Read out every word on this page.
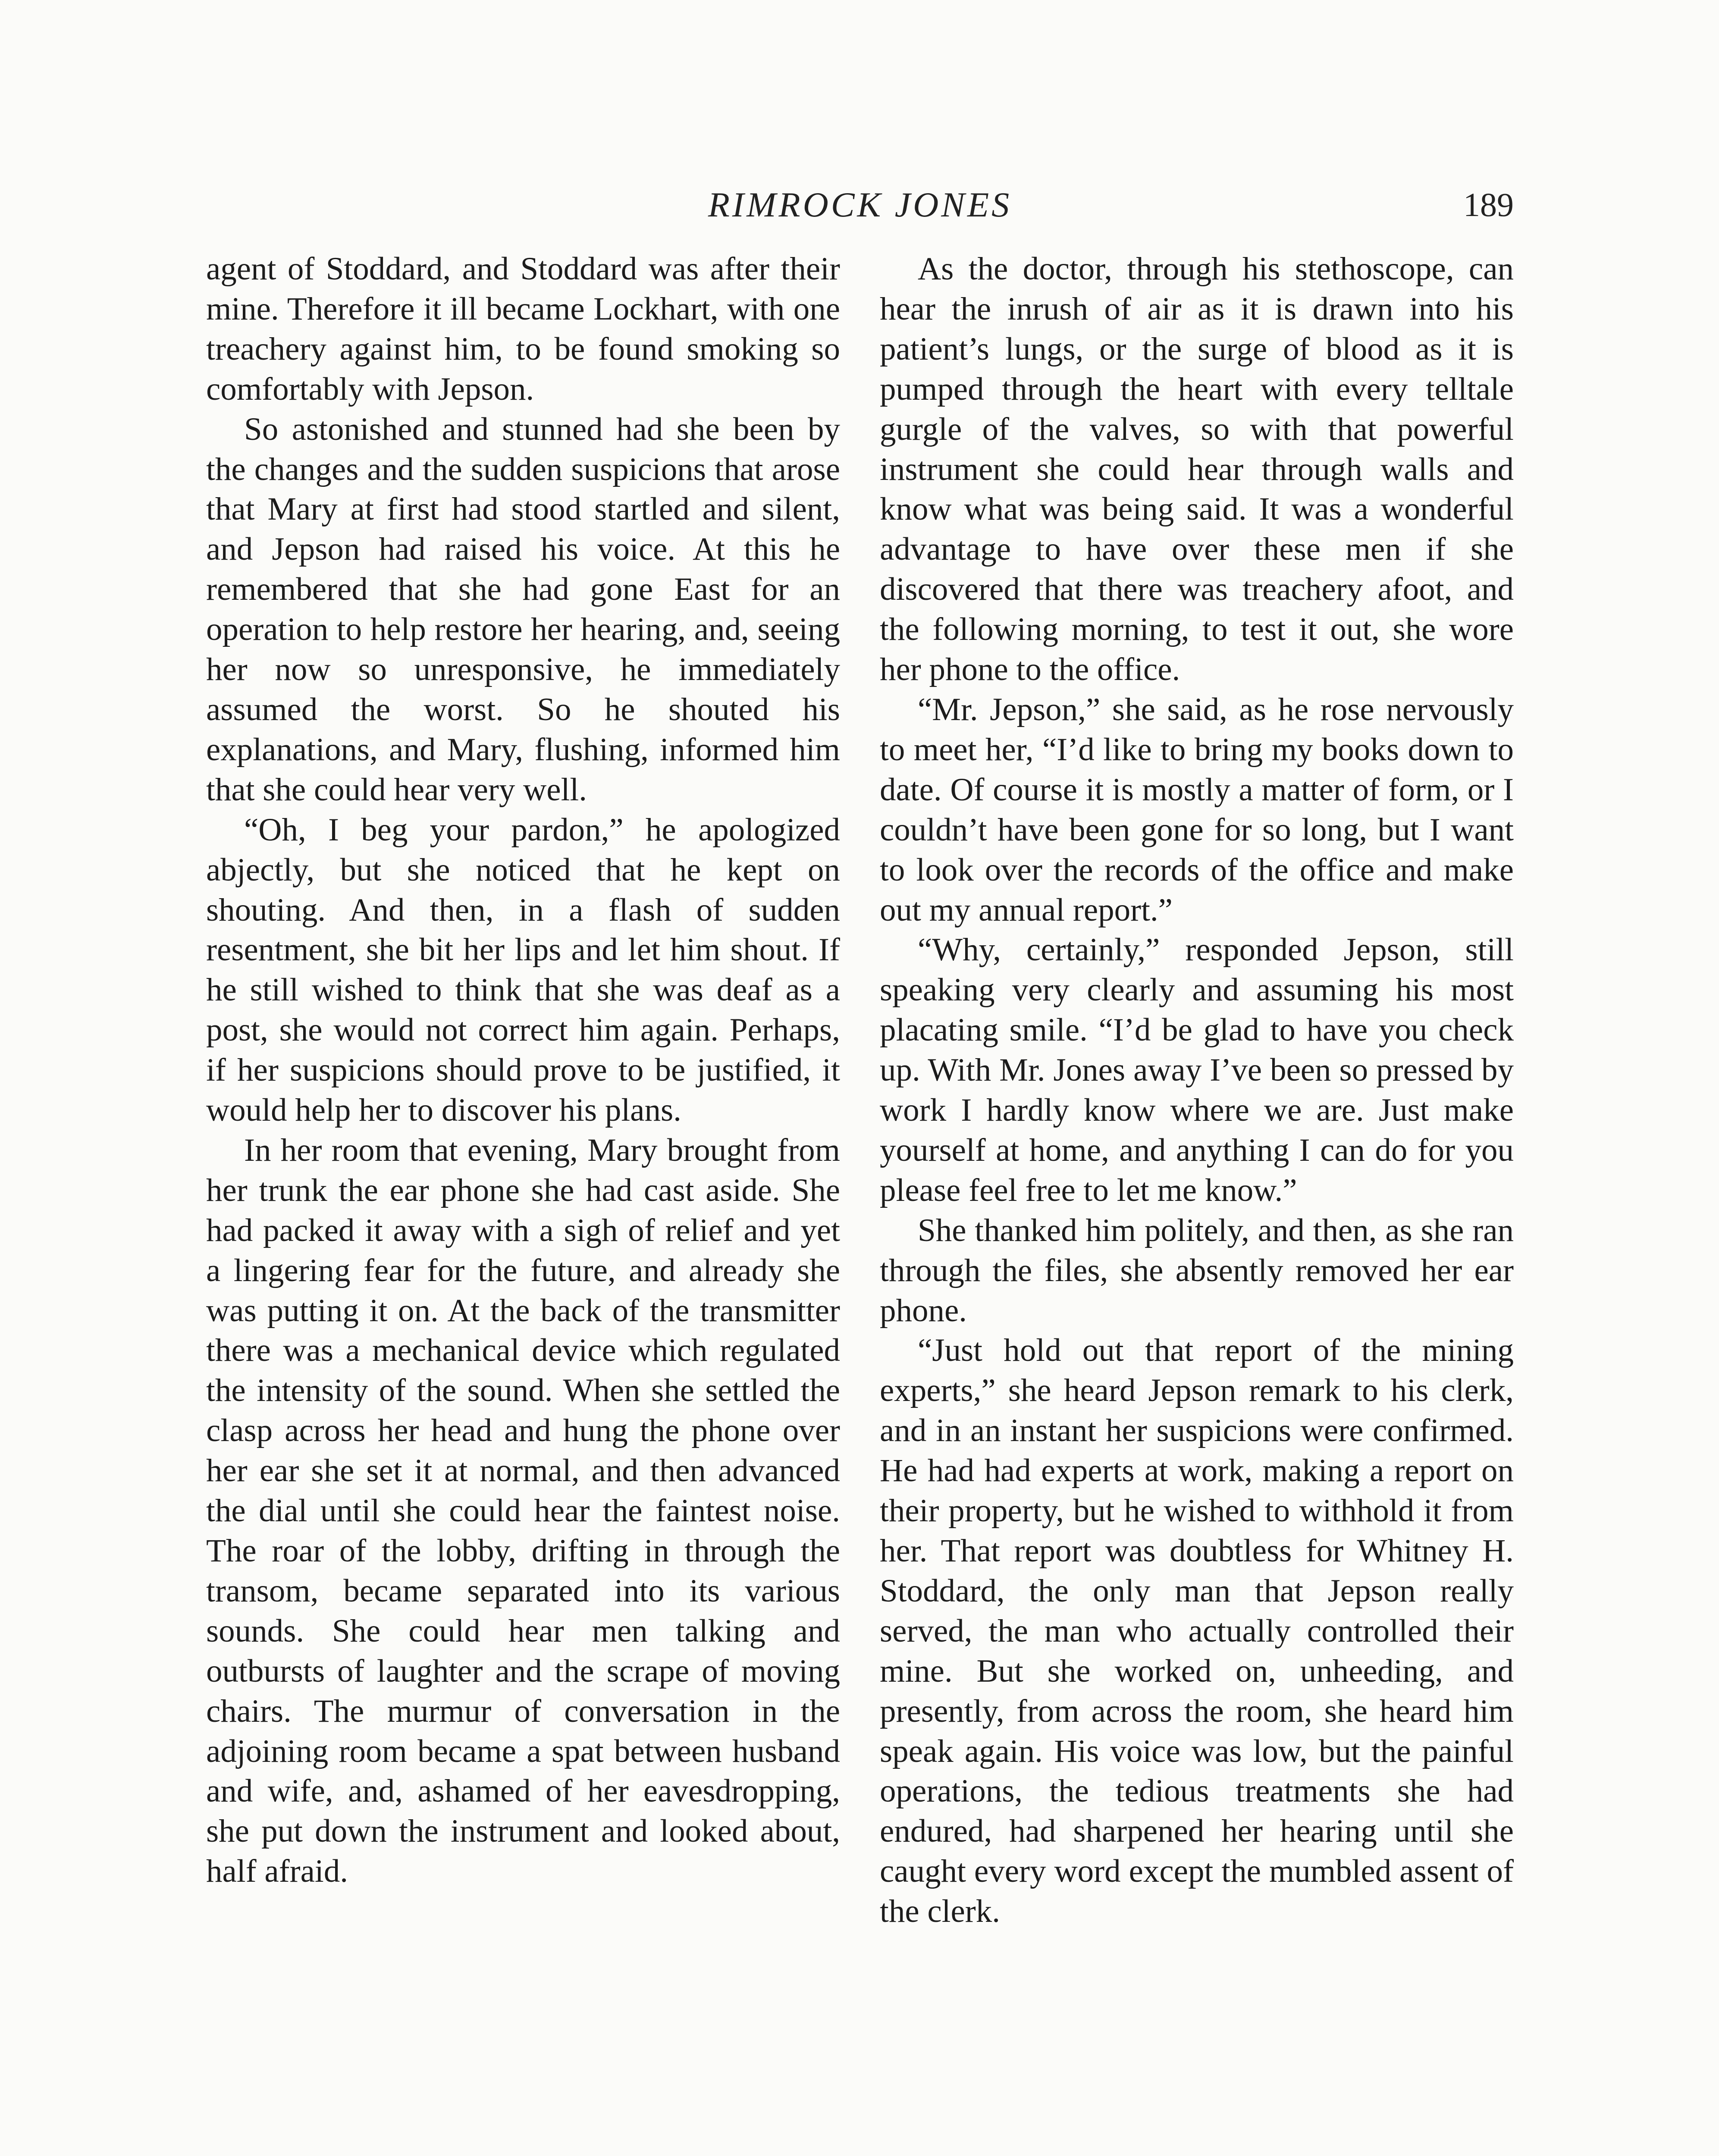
RIMROCK JONES	189

agent of Stoddard, and Stoddard was after their mine. Therefore it ill became Lockhart, with one treachery against him, to be found smoking so comfortably with Jepson.

So astonished and stunned had she been by the changes and the sudden suspicions that arose that Mary at first had stood startled and silent, and Jepson had raised his voice. At this he remembered that she had gone East for an operation to help restore her hearing, and, seeing her now so unresponsive, he immediately assumed the worst. So he shouted his explanations, and Mary, flushing, informed him that she could hear very well.

“Oh, I beg your pardon,” he apologized abjectly, but she noticed that he kept on shouting. And then, in a flash of sudden resentment, she bit her lips and let him shout. If he still wished to think that she was deaf as a post, she would not correct him again. Perhaps, if her suspicions should prove to be justified, it would help her to discover his plans.

In her room that evening, Mary brought from her trunk the ear phone she had cast aside. She had packed it away with a sigh of relief and yet a lingering fear for the future, and already she was putting it on. At the back of the transmitter there was a mechanical device which regulated the intensity of the sound. When she settled the clasp across her head and hung the phone over her ear she set it at normal, and then advanced the dial until she could hear the faintest noise. The roar of the lobby, drifting in through the transom, became separated into its various sounds. She could hear men talking and outbursts of laughter and the scrape of moving chairs. The murmur of conversation in the adjoining room became a spat between husband and wife, and, ashamed of her eavesdropping, she put down the instrument and looked about, half afraid.

As the doctor, through his stethoscope, can hear the inrush of air as it is drawn into his patient’s lungs, or the surge of blood as it is pumped through the heart with every telltale gurgle of the valves, so with that powerful instrument she could hear through walls and know what was being said. It was a wonderful advantage to have over these men if she discovered that there was treachery afoot, and the following morning, to test it out, she wore her phone to the office.

“Mr. Jepson,” she said, as he rose nervously to meet her, “I’d like to bring my books down to date. Of course it is mostly a matter of form, or I couldn’t have been gone for so long, but I want to look over the records of the office and make out my annual report.”

“Why, certainly,” responded Jepson, still speaking very clearly and assuming his most placating smile. “I’d be glad to have you check up. With Mr. Jones away I’ve been so pressed by work I hardly know where we are. Just make yourself at home, and anything I can do for you please feel free to let me know.”

She thanked him politely, and then, as she ran through the files, she absently removed her ear phone.

“Just hold out that report of the mining experts,” she heard Jepson remark to his clerk, and in an instant her suspicions were confirmed. He had had experts at work, making a report on their property, but he wished to withhold it from her. That report was doubtless for Whitney H. Stoddard, the only man that Jepson really served, the man who actually controlled their mine. But she worked on, unheeding, and presently, from across the room, she heard him speak again. His voice was low, but the painful operations, the tedious treatments she had endured, had sharpened her hearing until she caught every word except the mumbled assent of the clerk.
